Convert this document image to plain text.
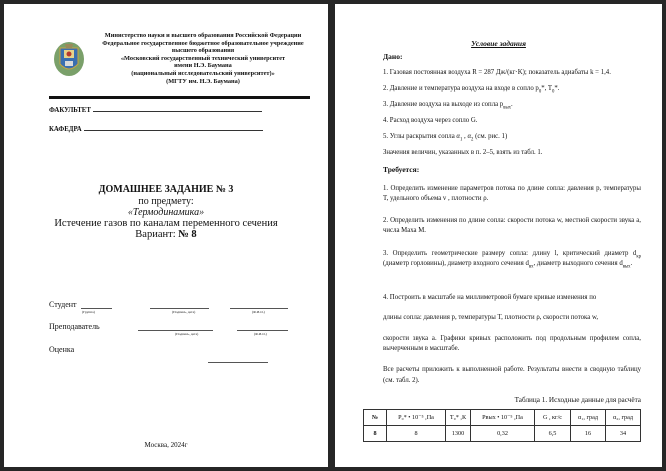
Министерство науки и высшего образования Российской Федерации
Федеральное государственное бюджетное образовательное учреждение
высшего образования
«Московский государственный технический университет
имени Н.Э. Баумана
(национальный исследовательский университет)»
(МГТУ им. Н.Э. Баумана)
ФАКУЛЬТЕТ
КАФЕДРА
ДОМАШНЕЕ ЗАДАНИЕ № 3
по предмету:
«Термодинамика»
Истечение газов по каналам переменного сечения
Вариант: № 8
Студент
(Группа)	(Подпись, дата)	(Ф.И.О.)
Преподаватель
(Подпись, дата)	(Ф.И.О.)
Оценка
Москва, 2024г
Условие задания
Дано:
1. Газовая постоянная воздуха R = 287 Дж/(кг·K); показатель адиабаты k = 1,4.
2. Давление и температура воздуха на входе в сопло $p_0*$, $T_0*$.
3. Давление воздуха на выходе из сопла $p_{вых}$.
4. Расход воздуха через сопло G.
5. Углы раскрытия сопла $\alpha_1$ , $\alpha_2$ (см. рис. 1)
Значения величин, указанных в п. 2–5, взять из табл. 1.
Требуется:
1. Определить изменение параметров потока по длине сопла: давления p, температуры T, удельного объема v , плотности ρ.
2. Определить изменения по длине сопла: скорости потока w, местной скорости звука a, числа Маха M.
3. Определить геометрические размеру сопла: длину l, критический диаметр $d_{кр}$ (диаметр горловины), диаметр входного сечения $d_{вх}$, диаметр выходного сечения $d_{вых}$.
4. Построить в масштабе на миллиметровой бумаге кривые изменения по
длины сопла: давления p, температуры T, плотности ρ, скорости потока w,
скорости звука a. Графики кривых расположить под продольным профилем сопла, вычерченным в масштабе.
Все расчеты приложить к выполненной работе. Результаты внести в сводную таблицу (см. табл. 2).
Таблица 1. Исходные данные для расчёта
№	P₀* • 10⁻⁵ ,Па	T₀* ,К	Pвых • 10⁻⁵ ,Па	G , кг/с	α₁, град	α₂, град
8	8	1300	0,32	6,5	16	34
